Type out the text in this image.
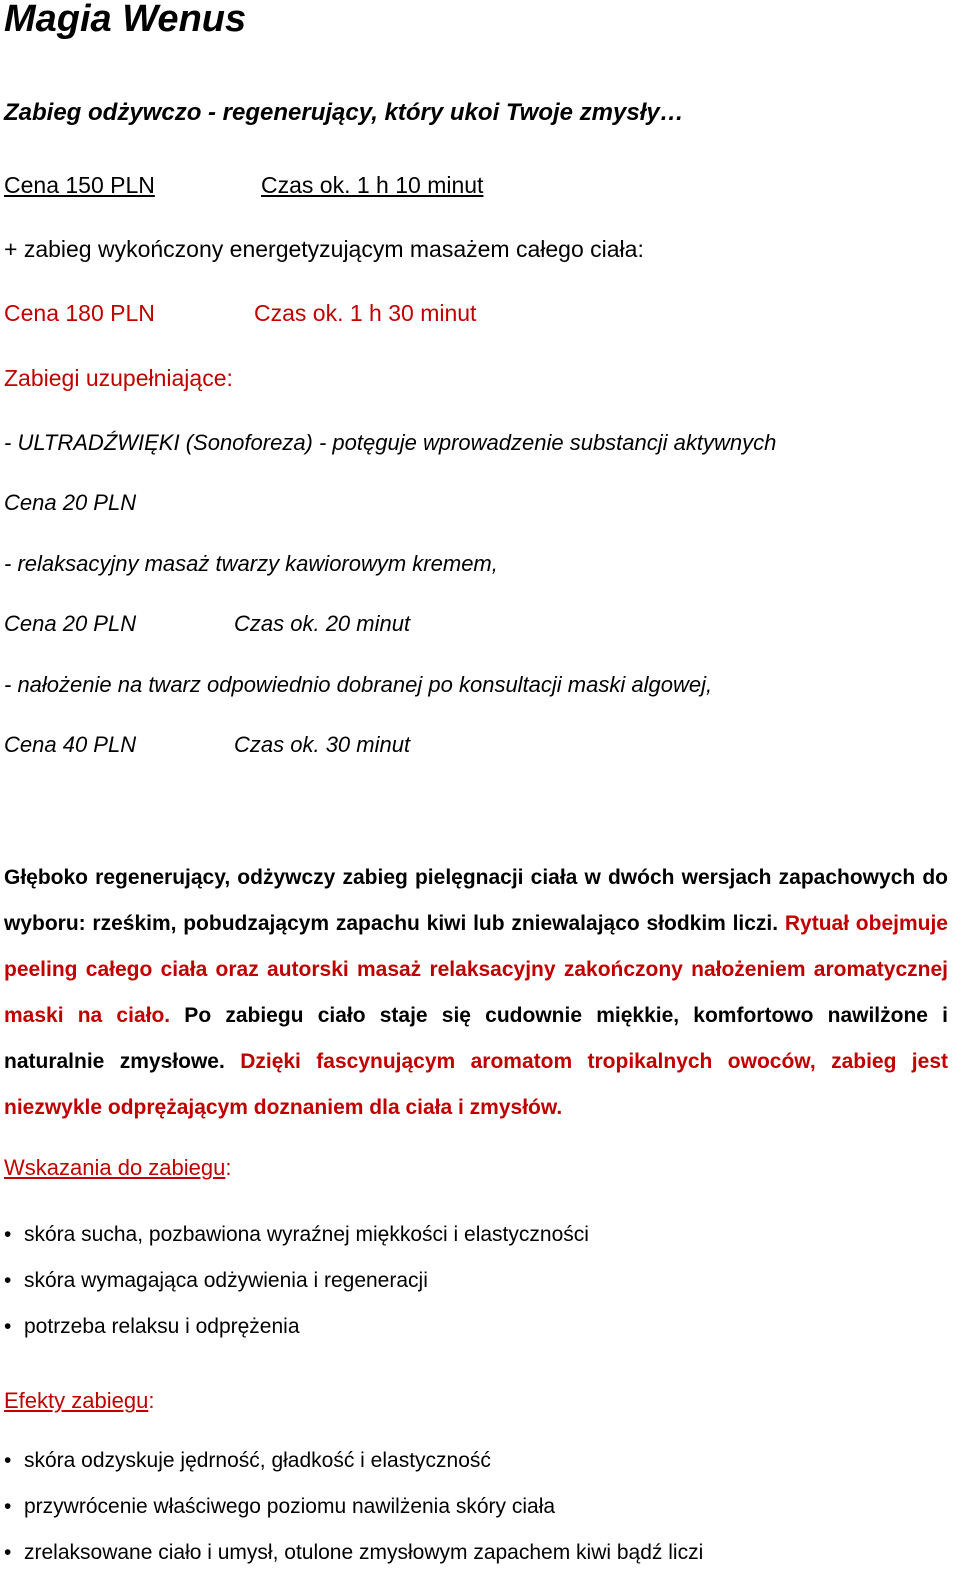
Magia Wenus
Zabieg odżywczo - regenerujący, który ukoi Twoje zmysły…
Cena 150 PLN	Czas ok. 1 h 10 minut
+ zabieg wykończony energetyzującym masażem całego ciała:
Cena 180 PLN	Czas ok. 1 h 30 minut
Zabiegi uzupełniające:
- ULTRADŹWIĘKI (Sonoforeza) - potęguje wprowadzenie substancji aktywnych
Cena 20 PLN
- relaksacyjny masaż twarzy kawiorowym kremem,
Cena 20 PLN	Czas ok. 20 minut
- nałożenie na twarz odpowiednio dobranej po konsultacji maski algowej,
Cena 40 PLN	Czas ok. 30 minut
Głęboko regenerujący, odżywczy zabieg pielęgnacji ciała w dwóch wersjach zapachowych do wyboru: rześkim, pobudzającym zapachu kiwi lub zniewalająco słodkim liczi. Rytuał obejmuje peeling całego ciała oraz autorski masaż relaksacyjny zakończony nałożeniem aromatycznej maski na ciało. Po zabiegu ciało staje się cudownie miękkie, komfortowo nawilżone i naturalnie zmysłowe. Dzięki fascynującym aromatom tropikalnych owoców, zabieg jest niezwykle odprężającym doznaniem dla ciała i zmysłów.
Wskazania do zabiegu:
• skóra sucha, pozbawiona wyraźnej miękkości i elastyczności
• skóra wymagająca odżywienia i regeneracji
• potrzeba relaksu i odprężenia
Efekty zabiegu:
• skóra odzyskuje jędrność, gładkość i elastyczność
• przywrócenie właściwego poziomu nawilżenia skóry ciała
• zrelaksowane ciało i umysł, otulone zmysłowym zapachem kiwi bądź liczi
